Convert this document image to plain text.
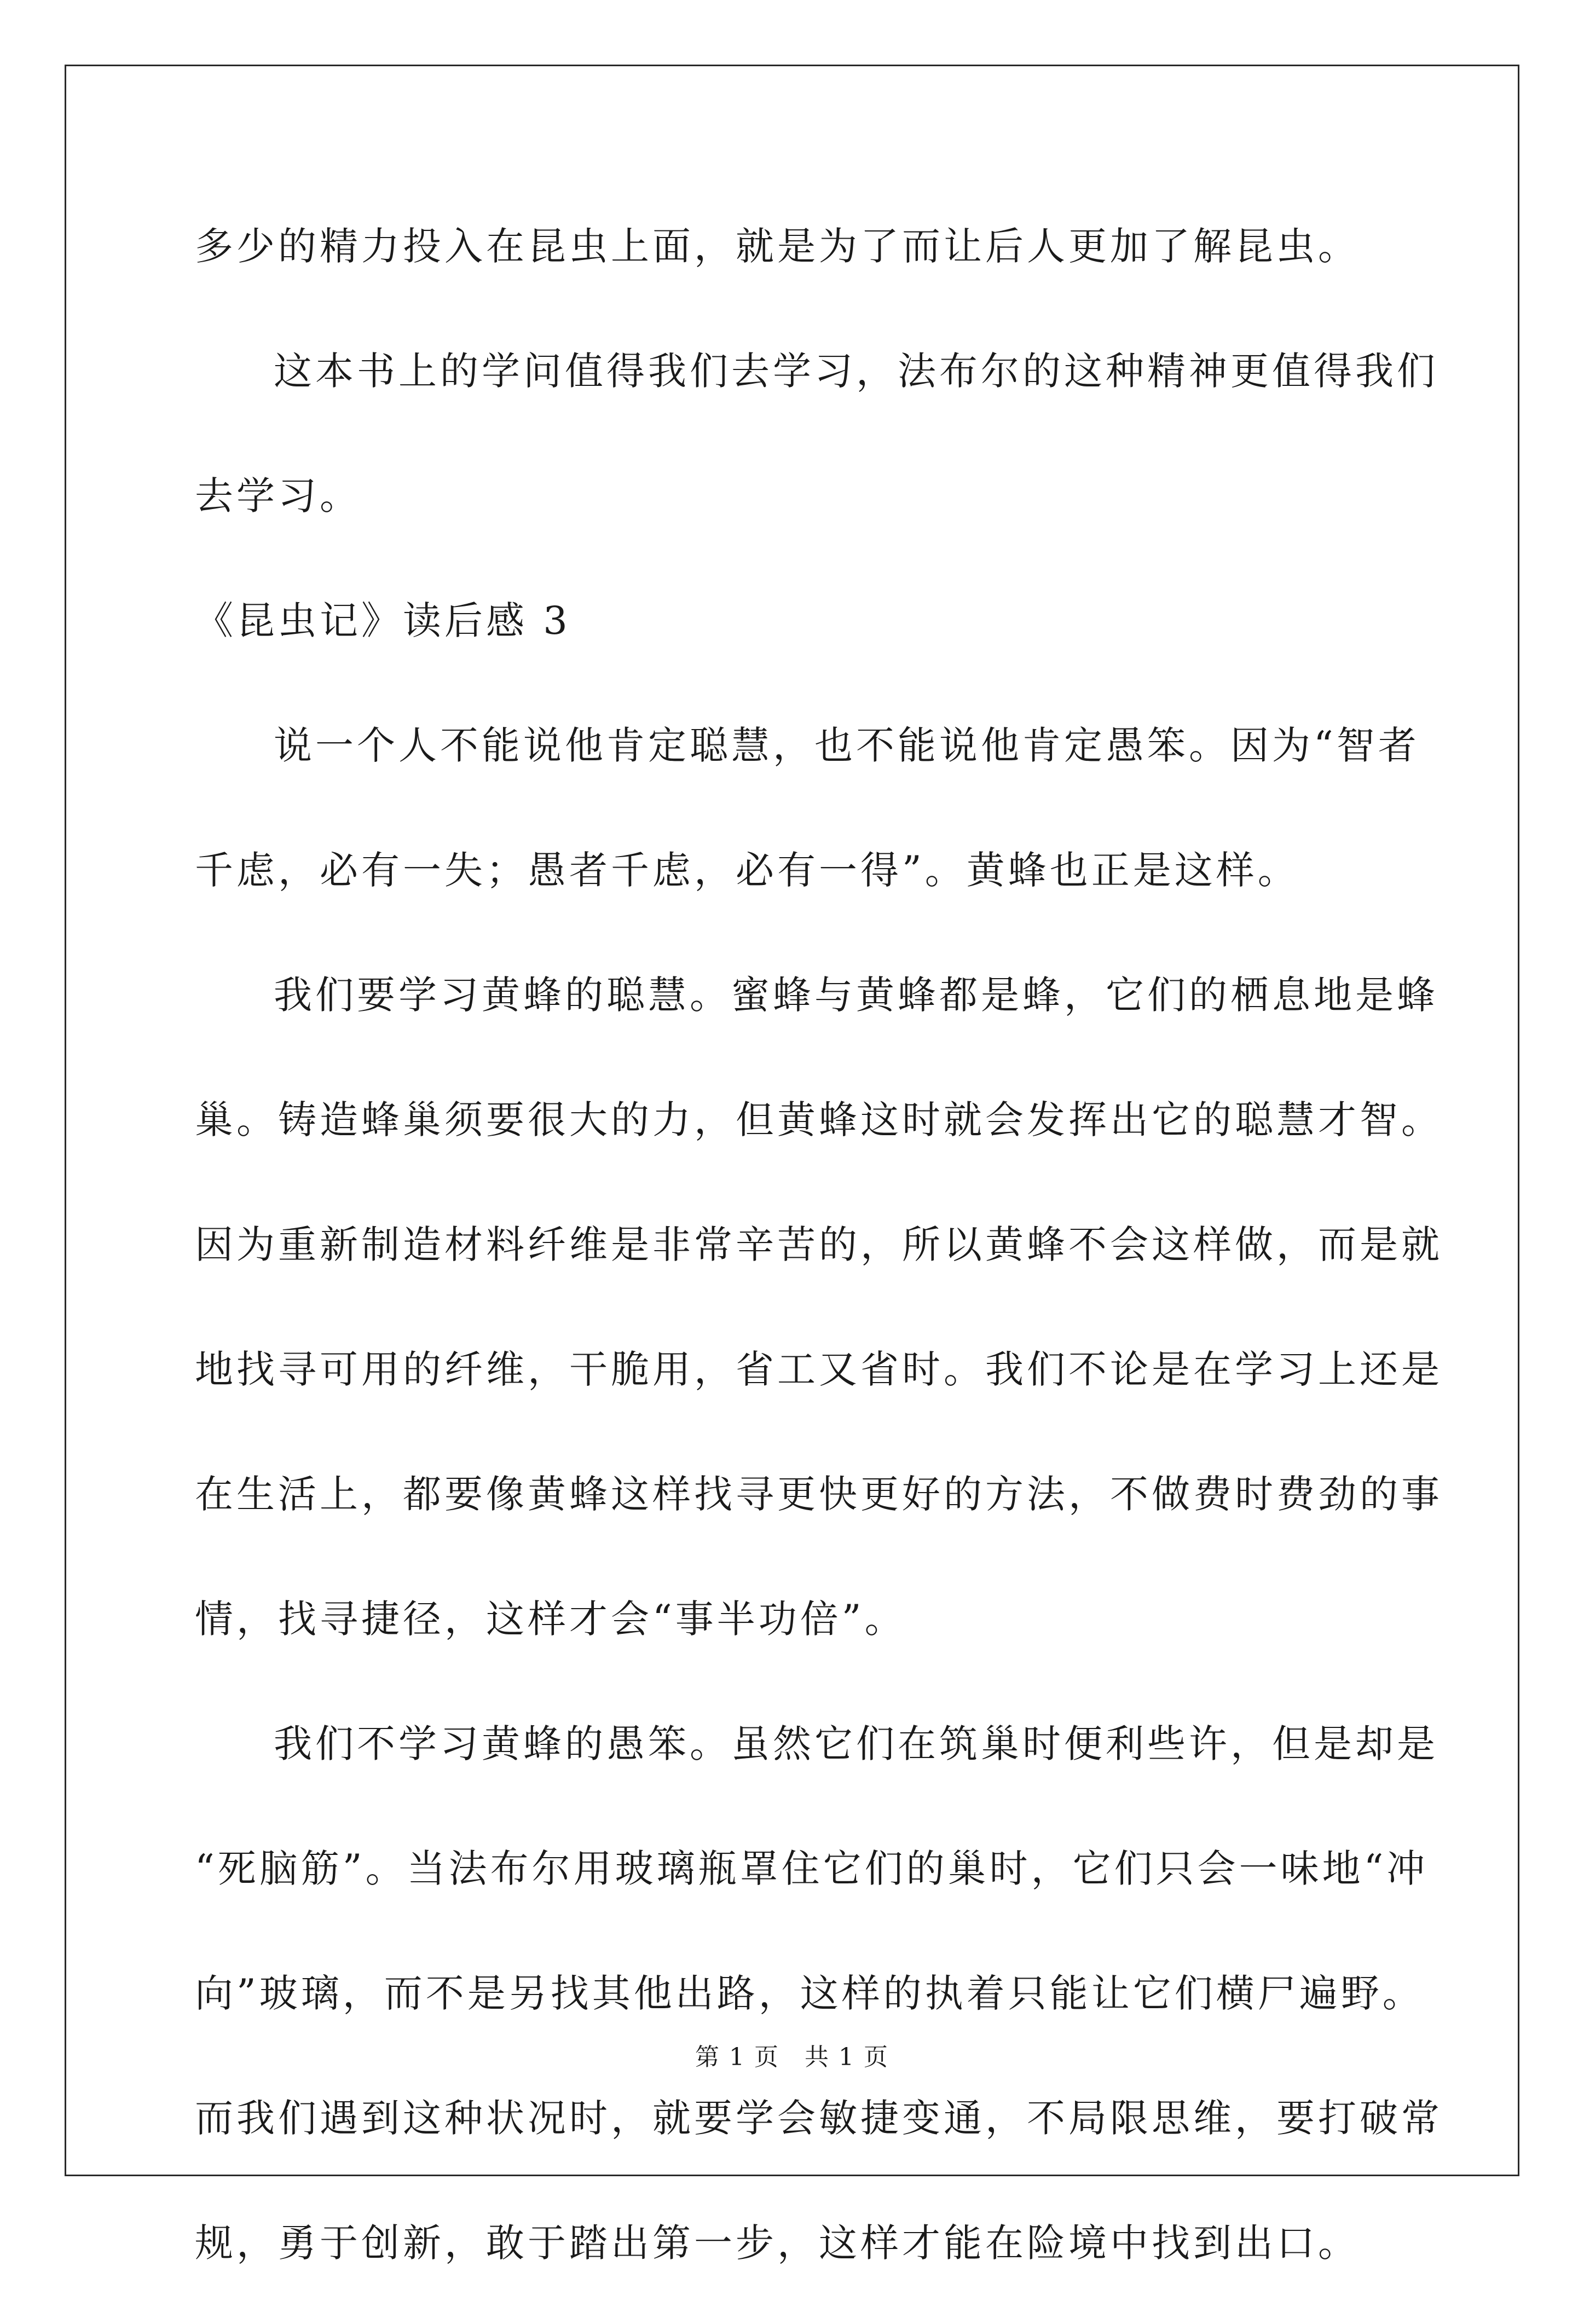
多少的精力投入在昆虫上面，就是为了而让后人更加了解昆虫。
这本书上的学问值得我们去学习，法布尔的这种精神更值得我们
去学习。
《昆虫记》读后感 3
说一个人不能说他肯定聪慧，也不能说他肯定愚笨。因为“智者
千虑，必有一失；愚者千虑，必有一得”。黄蜂也正是这样。
我们要学习黄蜂的聪慧。蜜蜂与黄蜂都是蜂，它们的栖息地是蜂
巢。铸造蜂巢须要很大的力，但黄蜂这时就会发挥出它的聪慧才智。
因为重新制造材料纤维是非常辛苦的，所以黄蜂不会这样做，而是就
地找寻可用的纤维，干脆用，省工又省时。我们不论是在学习上还是
在生活上，都要像黄蜂这样找寻更快更好的方法，不做费时费劲的事
情，找寻捷径，这样才会“事半功倍”。
我们不学习黄蜂的愚笨。虽然它们在筑巢时便利些许，但是却是
“死脑筋”。当法布尔用玻璃瓶罩住它们的巢时，它们只会一味地“冲
向”玻璃，而不是另找其他出路，这样的执着只能让它们横尸遍野。
而我们遇到这种状况时，就要学会敏捷变通，不局限思维，要打破常
规，勇于创新，敢于踏出第一步，这样才能在险境中找到出口。
第 1 页 共 1 页
